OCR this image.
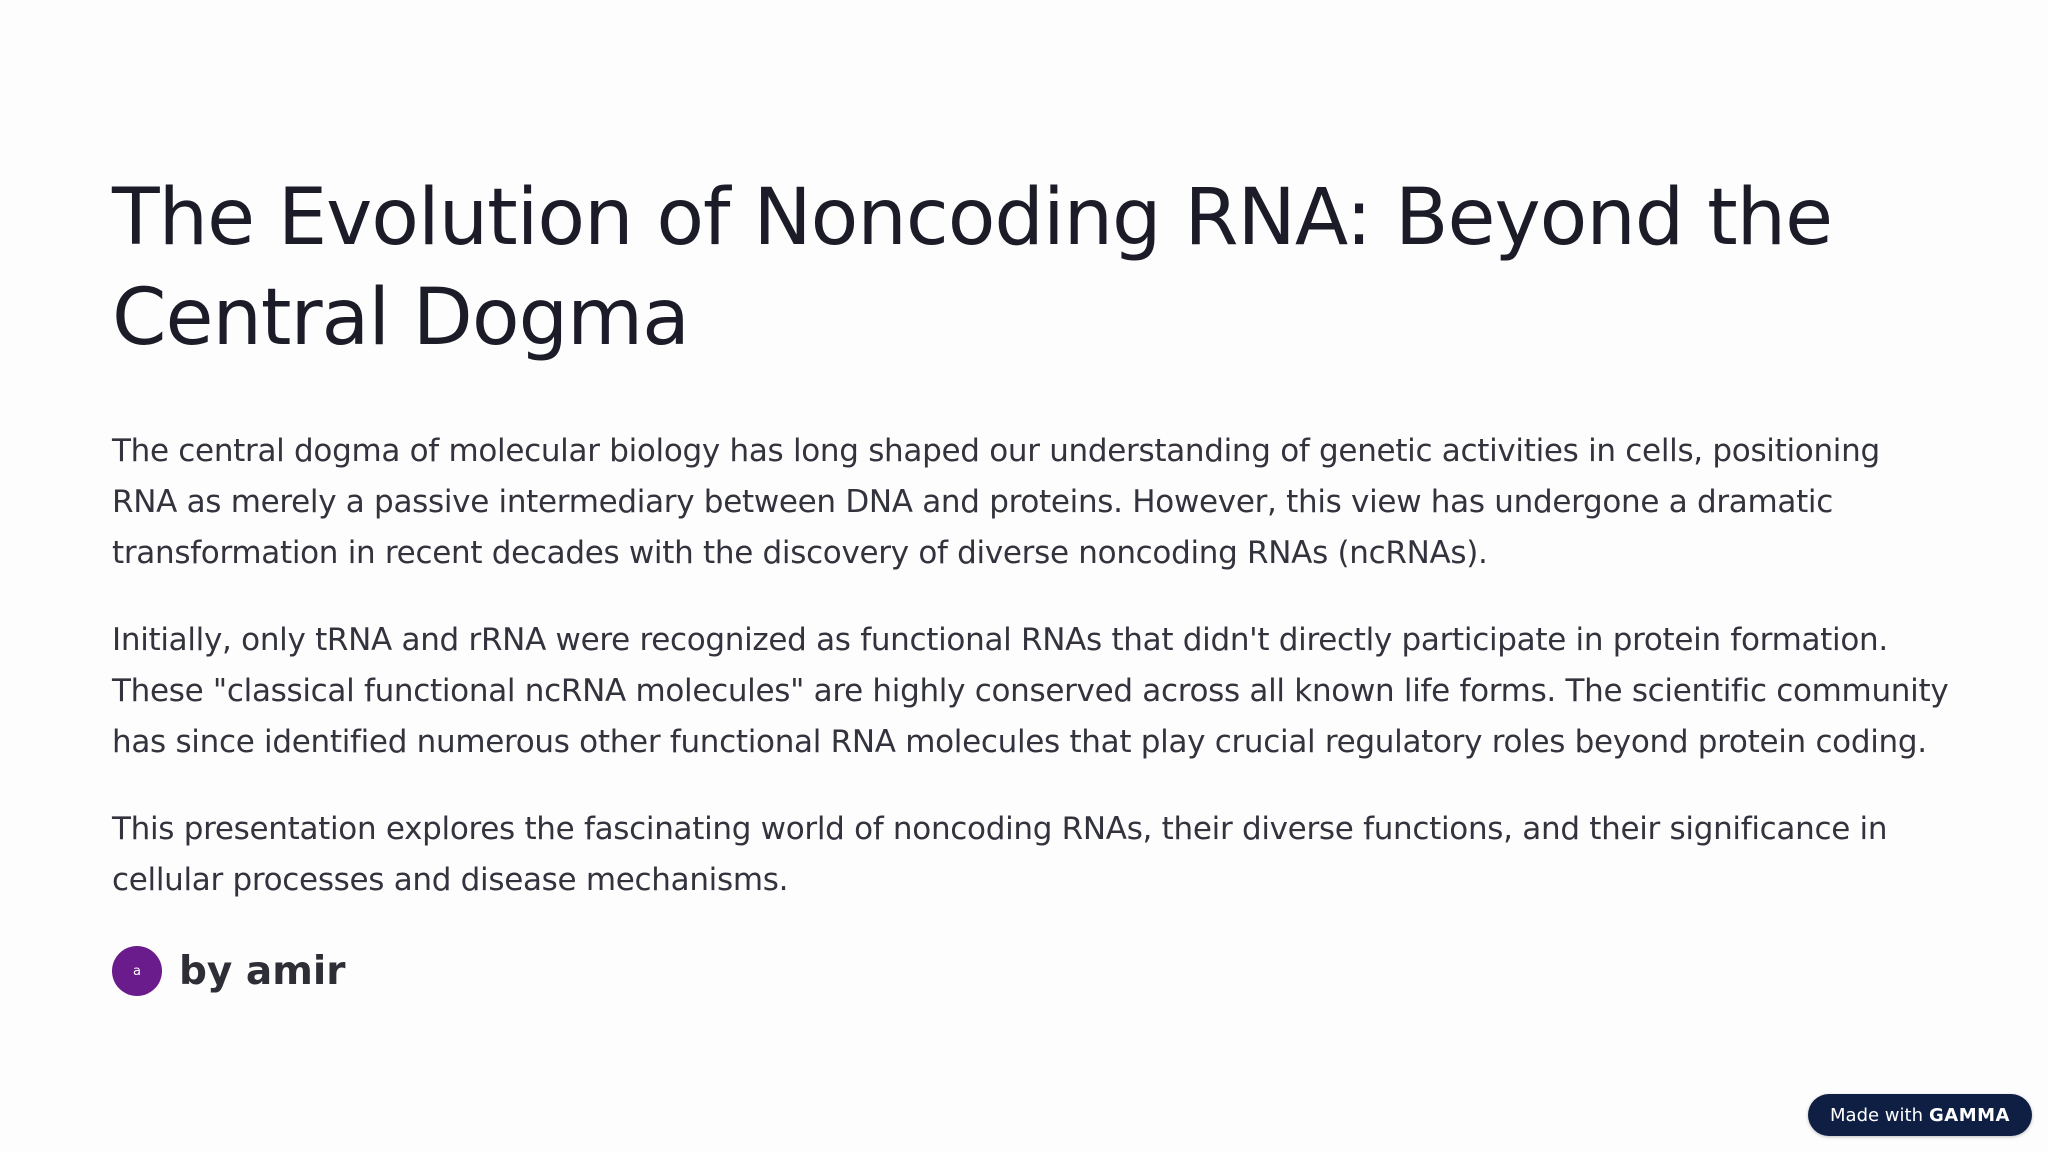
The Evolution of Noncoding RNA: Beyond the Central Dogma

The central dogma of molecular biology has long shaped our understanding of genetic activities in cells, positioning RNA as merely a passive intermediary between DNA and proteins. However, this view has undergone a dramatic transformation in recent decades with the discovery of diverse noncoding RNAs (ncRNAs).

Initially, only tRNA and rRNA were recognized as functional RNAs that didn't directly participate in protein formation. These "classical functional ncRNA molecules" are highly conserved across all known life forms. The scientific community has since identified numerous other functional RNA molecules that play crucial regulatory roles beyond protein coding.

This presentation explores the fascinating world of noncoding RNAs, their diverse functions, and their significance in cellular processes and disease mechanisms.

a by amir
Made with GAMMA
